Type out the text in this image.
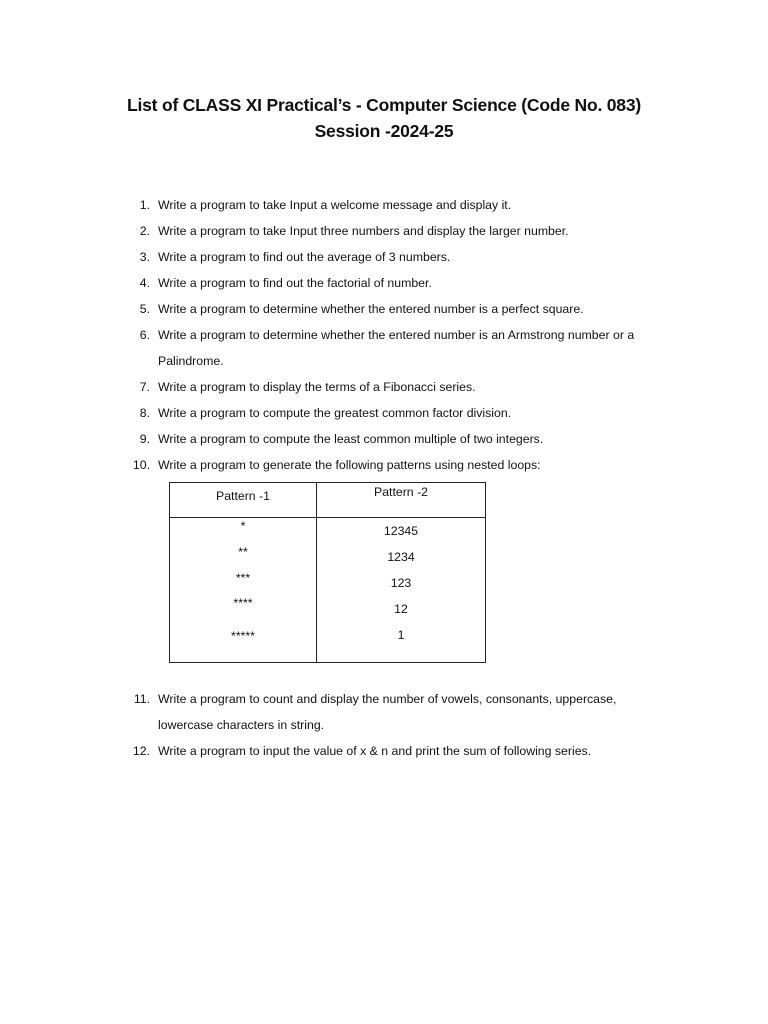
List of CLASS XI Practical’s - Computer Science (Code No. 083)
Session -2024-25
1. Write a program to take Input a welcome message and display it.
2. Write a program to take Input three numbers and display the larger number.
3. Write a program to find out the average of 3 numbers.
4. Write a program to find out the factorial of number.
5. Write a program to determine whether the entered number is a perfect square.
6. Write a program to determine whether the entered number is an Armstrong number or a
Palindrome.
7. Write a program to display the terms of a Fibonacci series.
8. Write a program to compute the greatest common factor division.
9. Write a program to compute the least common multiple of two integers.
10. Write a program to generate the following patterns using nested loops:
Pattern -1	Pattern -2
*
**
***
****
*****
12345
1234
123
12
1
11. Write a program to count and display the number of vowels, consonants, uppercase,
lowercase characters in string.
12. Write a program to input the value of x & n and print the sum of following series.
